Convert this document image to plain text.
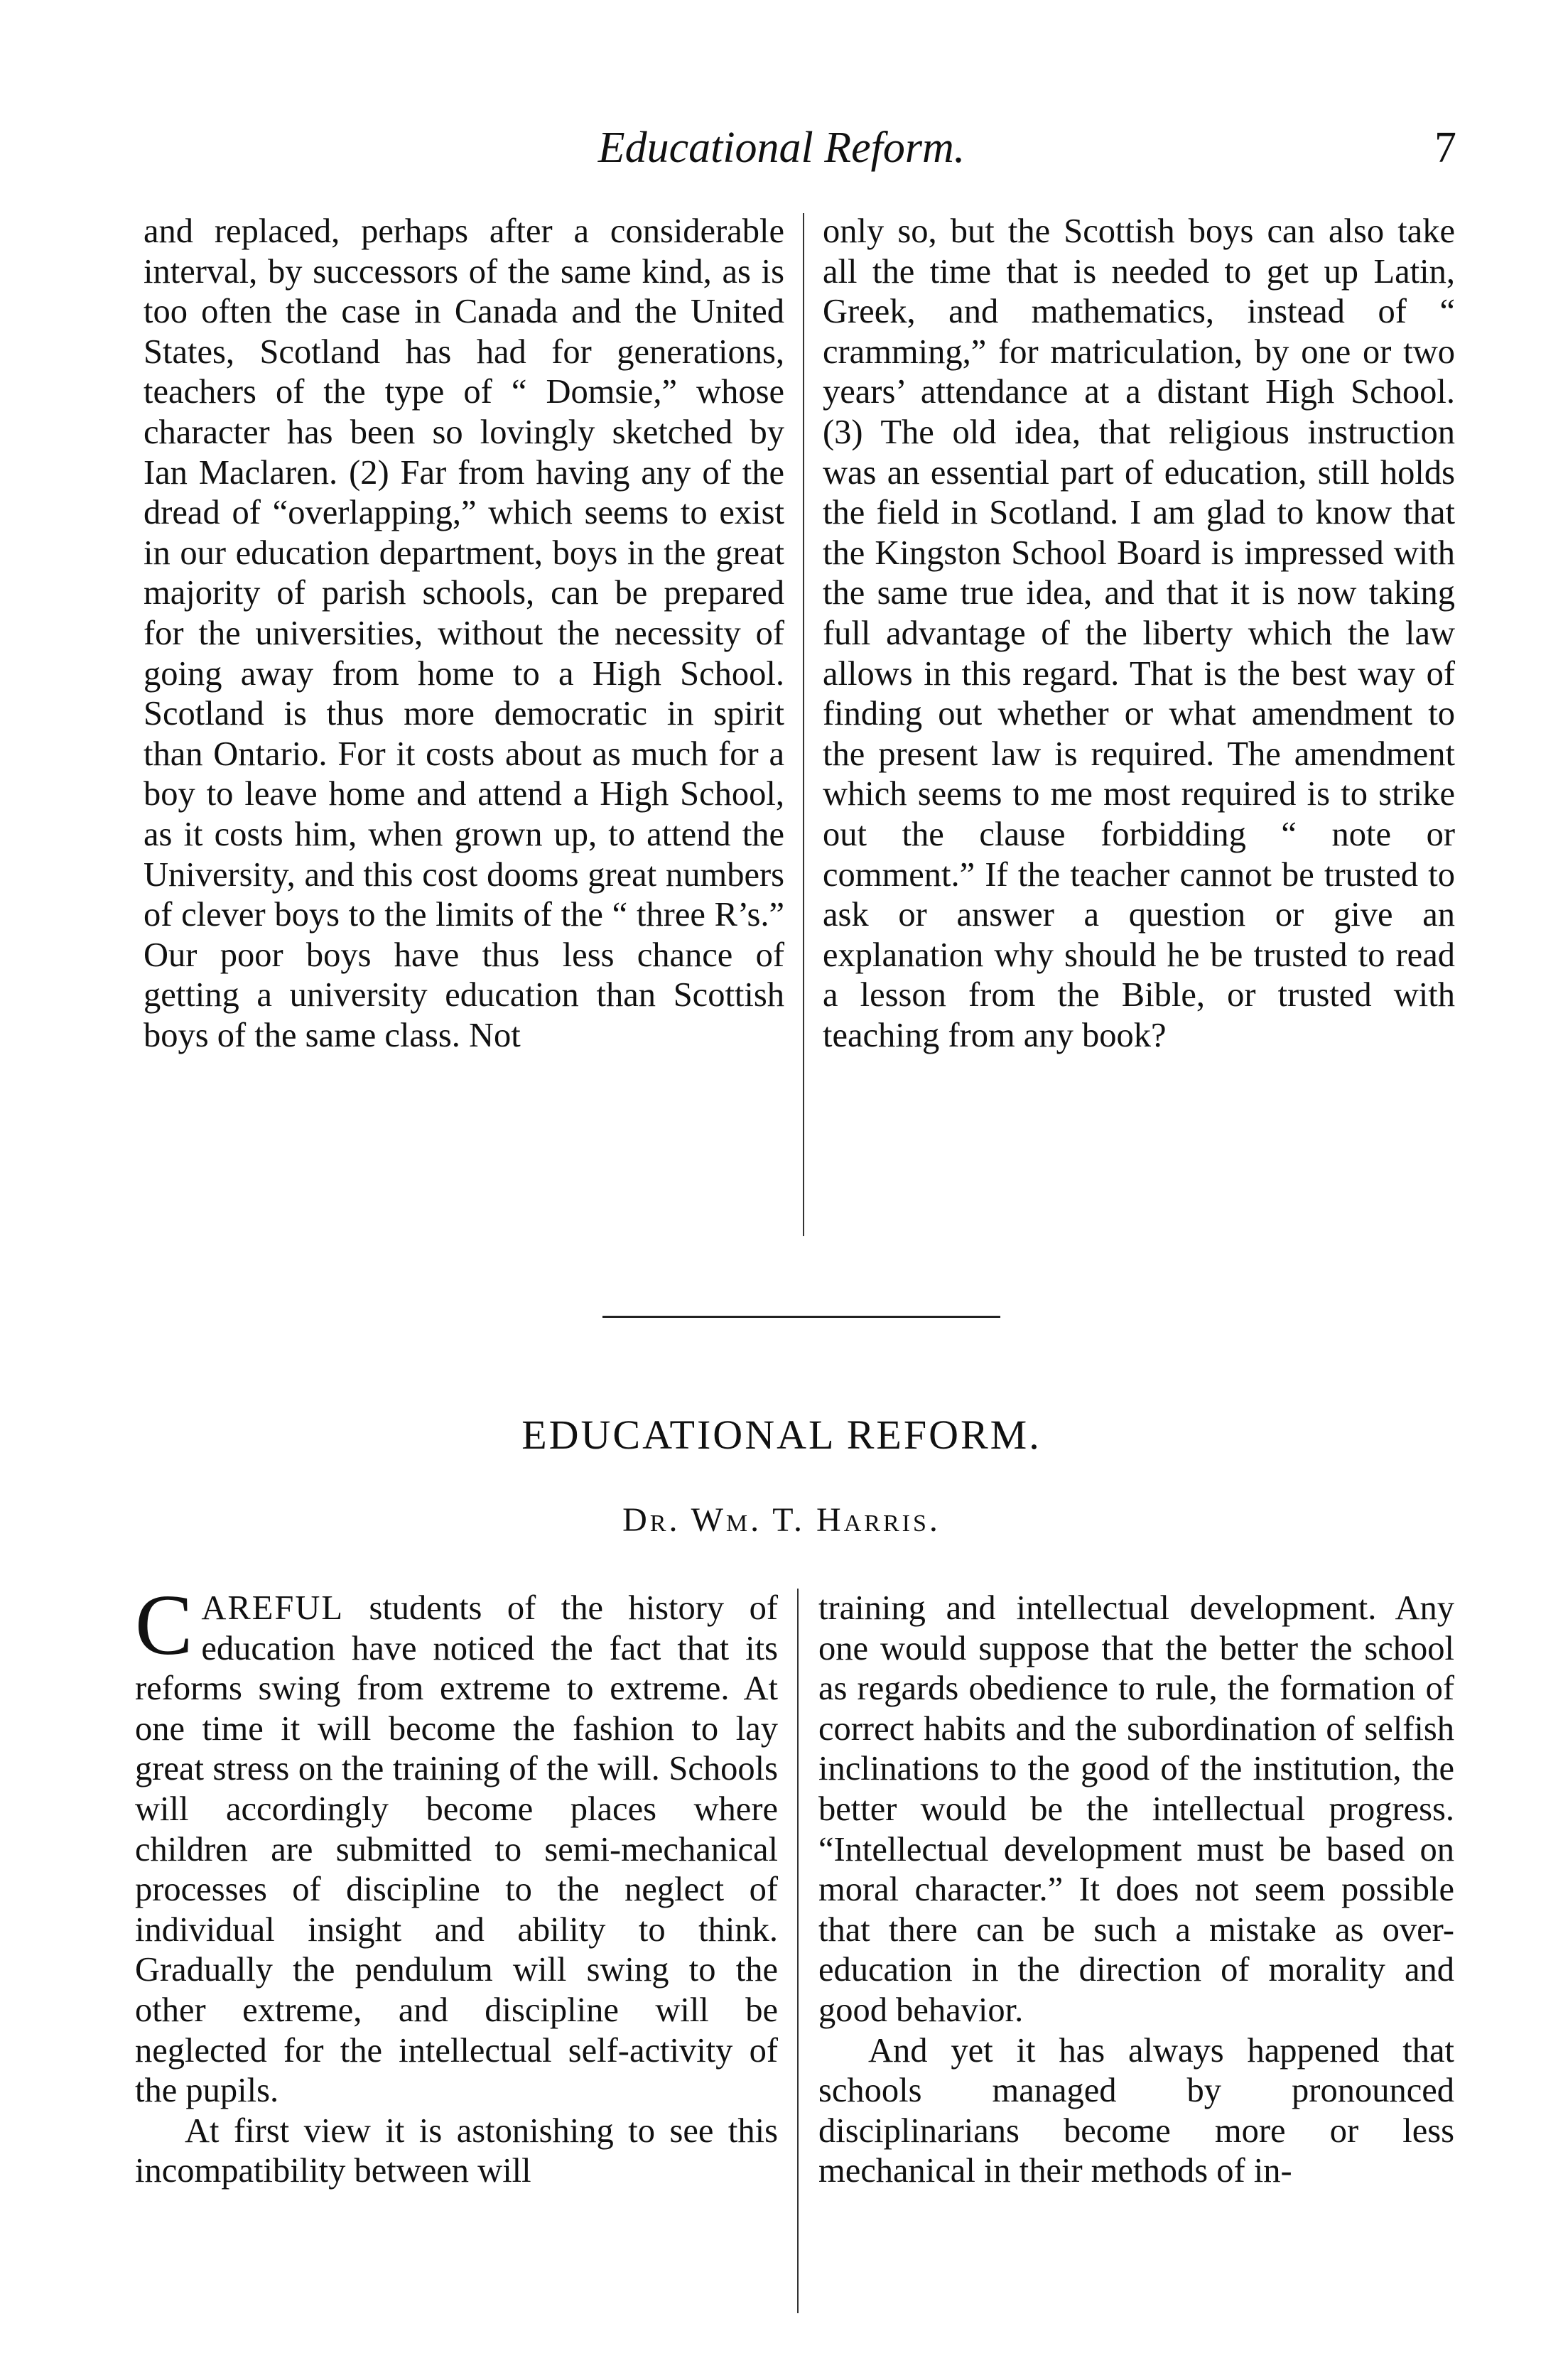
Educational Reform.	7

and replaced, perhaps after a considerable interval, by successors of the same kind, as is too often the case in Canada and the United States, Scotland has had for generations, teachers of the type of “ Domsie,” whose character has been so lovingly sketched by Ian Maclaren. (2) Far from having any of the dread of “overlapping,” which seems to exist in our education department, boys in the great majority of parish schools, can be prepared for the universities, without the necessity of going away from home to a High School. Scotland is thus more democratic in spirit than Ontario. For it costs about as much for a boy to leave home and attend a High School, as it costs him, when grown up, to attend the University, and this cost dooms great numbers of clever boys to the limits of the “ three R’s.” Our poor boys have thus less chance of getting a university education than Scottish boys of the same class. Not

only so, but the Scottish boys can also take all the time that is needed to get up Latin, Greek, and mathematics, instead of “ cramming,” for matriculation, by one or two years’ attendance at a distant High School. (3) The old idea, that religious instruction was an essential part of education, still holds the field in Scotland. I am glad to know that the Kingston School Board is impressed with the same true idea, and that it is now taking full advantage of the liberty which the law allows in this regard. That is the best way of finding out whether or what amendment to the present law is required. The amendment which seems to me most required is to strike out the clause forbidding “ note or comment.” If the teacher cannot be trusted to ask or answer a question or give an explanation why should he be trusted to read a lesson from the Bible, or trusted with teaching from any book?

EDUCATIONAL REFORM.
Dr. Wm. T. Harris.

CAREFUL students of the history of education have noticed the fact that its reforms swing from extreme to extreme. At one time it will become the fashion to lay great stress on the training of the will. Schools will accordingly become places where children are submitted to semi-mechanical processes of discipline to the neglect of individual insight and ability to think. Gradually the pendulum will swing to the other extreme, and discipline will be neglected for the intellectual self-activity of the pupils.

At first view it is astonishing to see this incompatibility between will

training and intellectual development. Any one would suppose that the better the school as regards obedience to rule, the formation of correct habits and the subordination of selfish inclinations to the good of the institution, the better would be the intellectual progress. “Intellectual development must be based on moral character.” It does not seem possible that there can be such a mistake as over-education in the direction of morality and good behavior.

And yet it has always happened that schools managed by pronounced disciplinarians become more or less mechanical in their methods of in-
